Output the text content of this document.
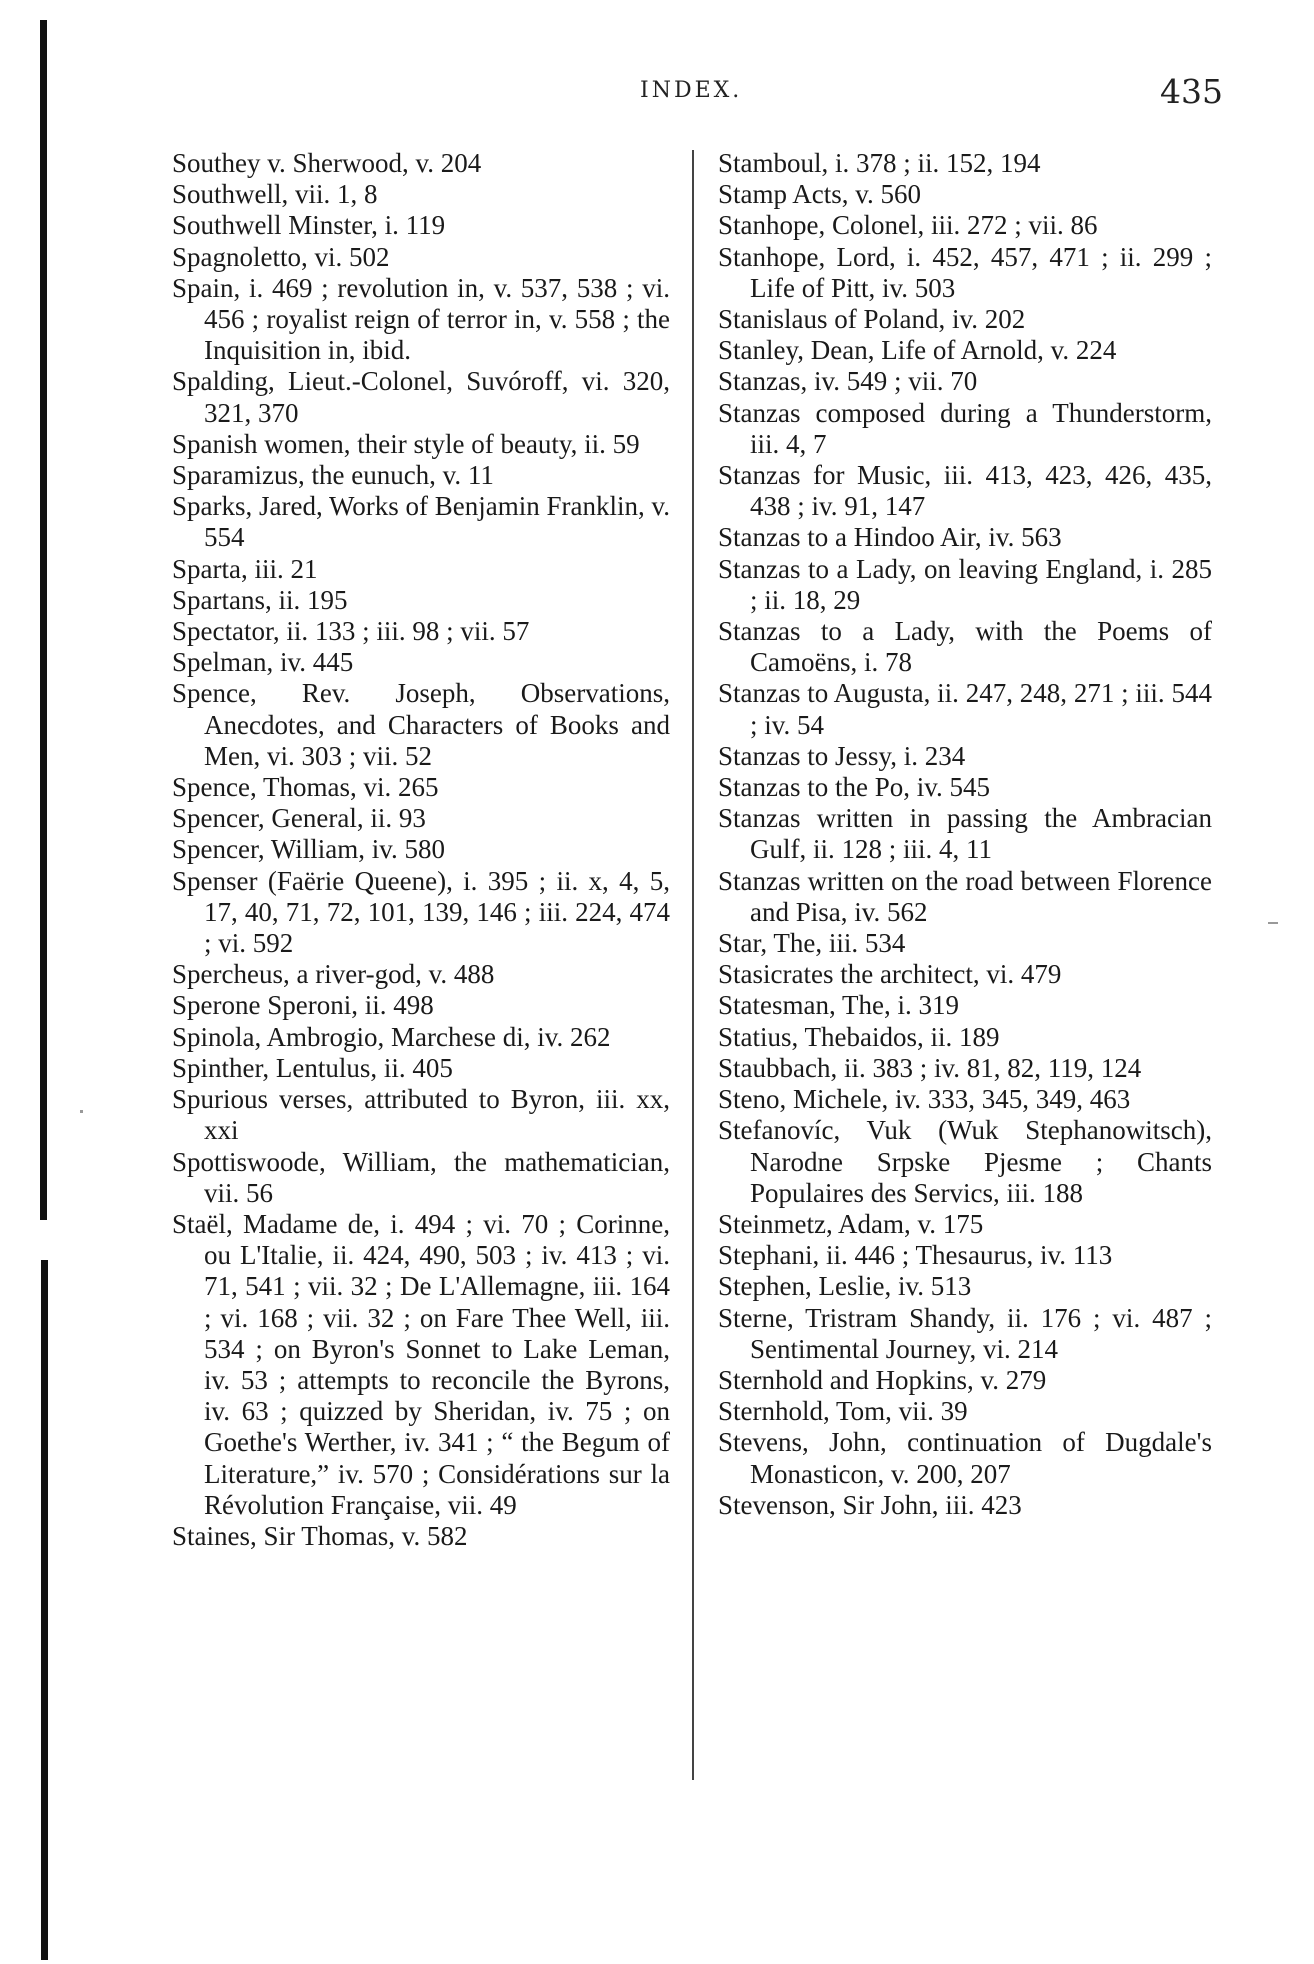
INDEX.	435

Southey v. Sherwood, v. 204

Southwell, vii. 1, 8

Southwell Minster, i. 119

Spagnoletto, vi. 502

Spain, i. 469 ; revolution in, v. 537, 538 ; vi. 456 ; royalist reign of terror in, v. 558 ; the Inquisition in, ibid.

Spalding, Lieut.-Colonel, Suvóroff, vi. 320, 321, 370

Spanish women, their style of beauty, ii. 59

Sparamizus, the eunuch, v. 11

Sparks, Jared, Works of Benjamin Franklin, v. 554

Sparta, iii. 21

Spartans, ii. 195

Spectator, ii. 133 ; iii. 98 ; vii. 57

Spelman, iv. 445

Spence, Rev. Joseph, Observations, Anecdotes, and Characters of Books and Men, vi. 303 ; vii. 52

Spence, Thomas, vi. 265

Spencer, General, ii. 93

Spencer, William, iv. 580

Spenser (Faërie Queene), i. 395 ; ii. x, 4, 5, 17, 40, 71, 72, 101, 139, 146 ; iii. 224, 474 ; vi. 592

Spercheus, a river-god, v. 488

Sperone Speroni, ii. 498

Spinola, Ambrogio, Marchese di, iv. 262

Spinther, Lentulus, ii. 405

Spurious verses, attributed to Byron, iii. xx, xxi

Spottiswoode, William, the mathematician, vii. 56

Staël, Madame de, i. 494 ; vi. 70 ; Corinne, ou L'Italie, ii. 424, 490, 503 ; iv. 413 ; vi. 71, 541 ; vii. 32 ; De L'Allemagne, iii. 164 ; vi. 168 ; vii. 32 ; on Fare Thee Well, iii. 534 ; on Byron's Sonnet to Lake Leman, iv. 53 ; attempts to reconcile the Byrons, iv. 63 ; quizzed by Sheridan, iv. 75 ; on Goethe's Werther, iv. 341 ; “ the Begum of Literature,” iv. 570 ; Considérations sur la Révolution Française, vii. 49

Staines, Sir Thomas, v. 582

Stamboul, i. 378 ; ii. 152, 194

Stamp Acts, v. 560

Stanhope, Colonel, iii. 272 ; vii. 86

Stanhope, Lord, i. 452, 457, 471 ; ii. 299 ; Life of Pitt, iv. 503

Stanislaus of Poland, iv. 202

Stanley, Dean, Life of Arnold, v. 224

Stanzas, iv. 549 ; vii. 70

Stanzas composed during a Thunderstorm, iii. 4, 7

Stanzas for Music, iii. 413, 423, 426, 435, 438 ; iv. 91, 147

Stanzas to a Hindoo Air, iv. 563

Stanzas to a Lady, on leaving England, i. 285 ; ii. 18, 29

Stanzas to a Lady, with the Poems of Camoëns, i. 78

Stanzas to Augusta, ii. 247, 248, 271 ; iii. 544 ; iv. 54

Stanzas to Jessy, i. 234

Stanzas to the Po, iv. 545

Stanzas written in passing the Ambracian Gulf, ii. 128 ; iii. 4, 11

Stanzas written on the road between Florence and Pisa, iv. 562

Star, The, iii. 534

Stasicrates the architect, vi. 479

Statesman, The, i. 319

Statius, Thebaidos, ii. 189

Staubbach, ii. 383 ; iv. 81, 82, 119, 124

Steno, Michele, iv. 333, 345, 349, 463

Stefanovíc, Vuk (Wuk Stephanowitsch), Narodne Srpske Pjesme ; Chants Populaires des Servics, iii. 188

Steinmetz, Adam, v. 175

Stephani, ii. 446 ; Thesaurus, iv. 113

Stephen, Leslie, iv. 513

Sterne, Tristram Shandy, ii. 176 ; vi. 487 ; Sentimental Journey, vi. 214

Sternhold and Hopkins, v. 279

Sternhold, Tom, vii. 39

Stevens, John, continuation of Dugdale's Monasticon, v. 200, 207

Stevenson, Sir John, iii. 423
